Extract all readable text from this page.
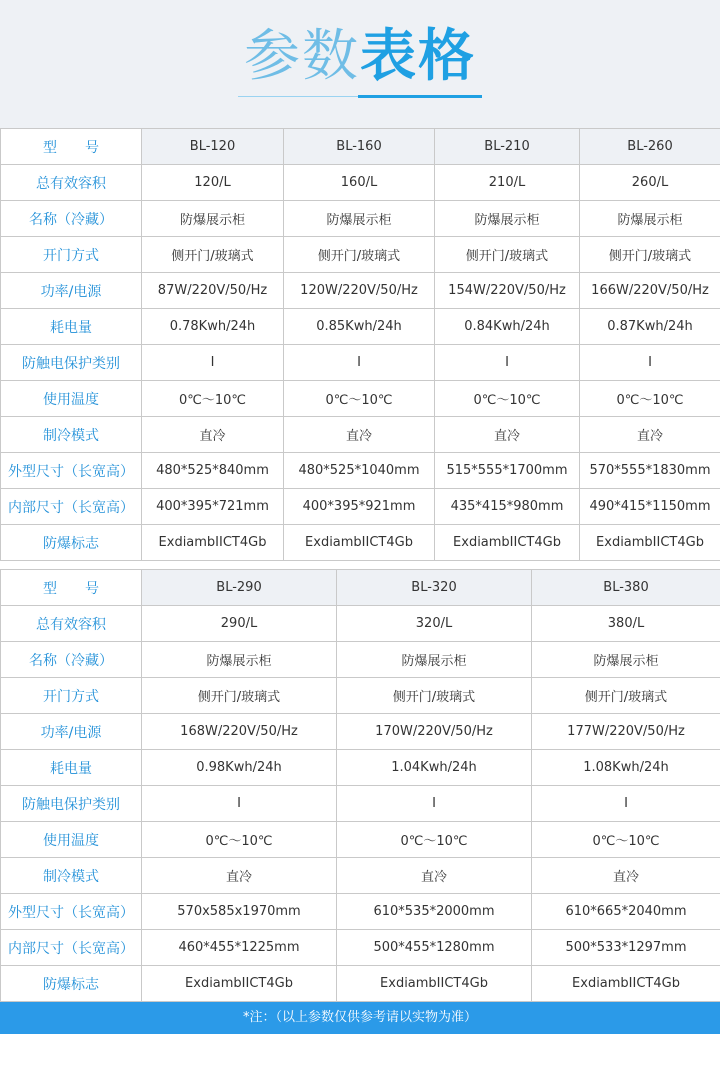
参数表格
型　　号	BL-120	BL-160	BL-210	BL-260
总有效容积	120/L	160/L	210/L	260/L
名称（冷藏）	防爆展示柜	防爆展示柜	防爆展示柜	防爆展示柜
开门方式	侧开门/玻璃式	侧开门/玻璃式	侧开门/玻璃式	侧开门/玻璃式
功率/电源	87W/220V/50/Hz	120W/220V/50/Hz	154W/220V/50/Hz	166W/220V/50/Hz
耗电量	0.78Kwh/24h	0.85Kwh/24h	0.84Kwh/24h	0.87Kwh/24h
防触电保护类别	I	I	I	I
使用温度	0℃～10℃	0℃～10℃	0℃～10℃	0℃～10℃
制冷模式	直冷	直冷	直冷	直冷
外型尺寸（长宽高）	480*525*840mm	480*525*1040mm	515*555*1700mm	570*555*1830mm
内部尺寸（长宽高）	400*395*721mm	400*395*921mm	435*415*980mm	490*415*1150mm
防爆标志	ExdiambIICT4Gb	ExdiambIICT4Gb	ExdiambIICT4Gb	ExdiambIICT4Gb
型　　号	BL-290	BL-320	BL-380
总有效容积	290/L	320/L	380/L
名称（冷藏）	防爆展示柜	防爆展示柜	防爆展示柜
开门方式	侧开门/玻璃式	侧开门/玻璃式	侧开门/玻璃式
功率/电源	168W/220V/50/Hz	170W/220V/50/Hz	177W/220V/50/Hz
耗电量	0.98Kwh/24h	1.04Kwh/24h	1.08Kwh/24h
防触电保护类别	I	I	I
使用温度	0℃～10℃	0℃～10℃	0℃～10℃
制冷模式	直冷	直冷	直冷
外型尺寸（长宽高）	570x585x1970mm	610*535*2000mm	610*665*2040mm
内部尺寸（长宽高）	460*455*1225mm	500*455*1280mm	500*533*1297mm
防爆标志	ExdiambIICT4Gb	ExdiambIICT4Gb	ExdiambIICT4Gb
*注：（以上参数仅供参考请以实物为准）
